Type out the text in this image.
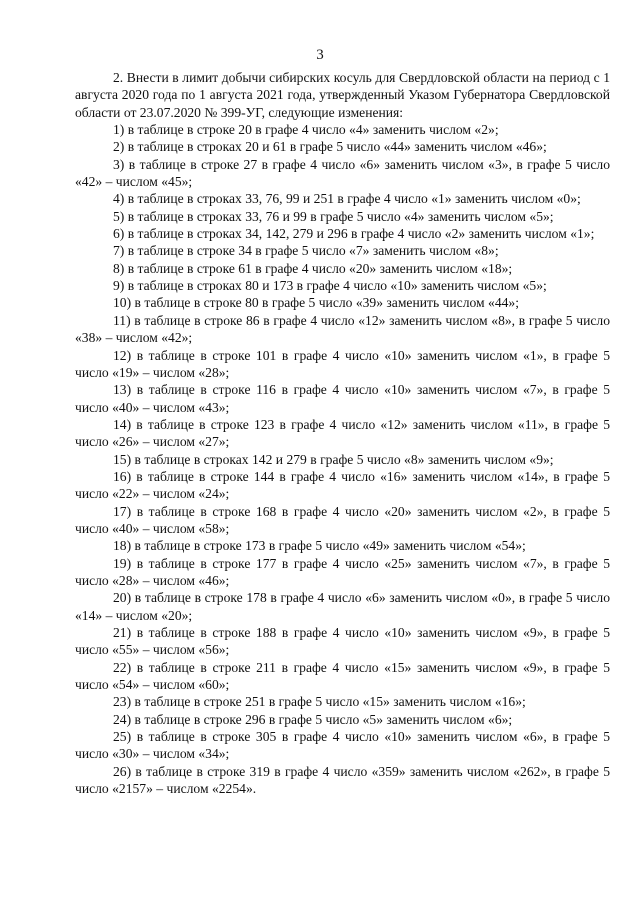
3

2. Внести в лимит добычи сибирских косуль для Свердловской области на период с 1 августа 2020 года по 1 августа 2021 года, утвержденный Указом Губернатора Свердловской области от 23.07.2020 № 399-УГ, следующие изменения:

1) в таблице в строке 20 в графе 4 число «4» заменить числом «2»;

2) в таблице в строках 20 и 61 в графе 5 число «44» заменить числом «46»;

3) в таблице в строке 27 в графе 4 число «6» заменить числом «3», в графе 5 число «42» – числом «45»;

4) в таблице в строках 33, 76, 99 и 251 в графе 4 число «1» заменить числом «0»;

5) в таблице в строках 33, 76 и 99 в графе 5 число «4» заменить числом «5»;

6) в таблице в строках 34, 142, 279 и 296 в графе 4 число «2» заменить числом «1»;

7) в таблице в строке 34 в графе 5 число «7» заменить числом «8»;

8) в таблице в строке 61 в графе 4 число «20» заменить числом «18»;

9) в таблице в строках 80 и 173 в графе 4 число «10» заменить числом «5»;

10) в таблице в строке 80 в графе 5 число «39» заменить числом «44»;

11) в таблице в строке 86 в графе 4 число «12» заменить числом «8», в графе 5 число «38» – числом «42»;

12) в таблице в строке 101 в графе 4 число «10» заменить числом «1», в графе 5 число «19» – числом «28»;

13) в таблице в строке 116 в графе 4 число «10» заменить числом «7», в графе 5 число «40» – числом «43»;

14) в таблице в строке 123 в графе 4 число «12» заменить числом «11», в графе 5 число «26» – числом «27»;

15) в таблице в строках 142 и 279 в графе 5 число «8» заменить числом «9»;

16) в таблице в строке 144 в графе 4 число «16» заменить числом «14», в графе 5 число «22» – числом «24»;

17) в таблице в строке 168 в графе 4 число «20» заменить числом «2», в графе 5 число «40» – числом «58»;

18) в таблице в строке 173 в графе 5 число «49» заменить числом «54»;

19) в таблице в строке 177 в графе 4 число «25» заменить числом «7», в графе 5 число «28» – числом «46»;

20) в таблице в строке 178 в графе 4 число «6» заменить числом «0», в графе 5 число «14» – числом «20»;

21) в таблице в строке 188 в графе 4 число «10» заменить числом «9», в графе 5 число «55» – числом «56»;

22) в таблице в строке 211 в графе 4 число «15» заменить числом «9», в графе 5 число «54» – числом «60»;

23) в таблице в строке 251 в графе 5 число «15» заменить числом «16»;

24) в таблице в строке 296 в графе 5 число «5» заменить числом «6»;

25) в таблице в строке 305 в графе 4 число «10» заменить числом «6», в графе 5 число «30» – числом «34»;

26) в таблице в строке 319 в графе 4 число «359» заменить числом «262», в графе 5 число «2157» – числом «2254».
